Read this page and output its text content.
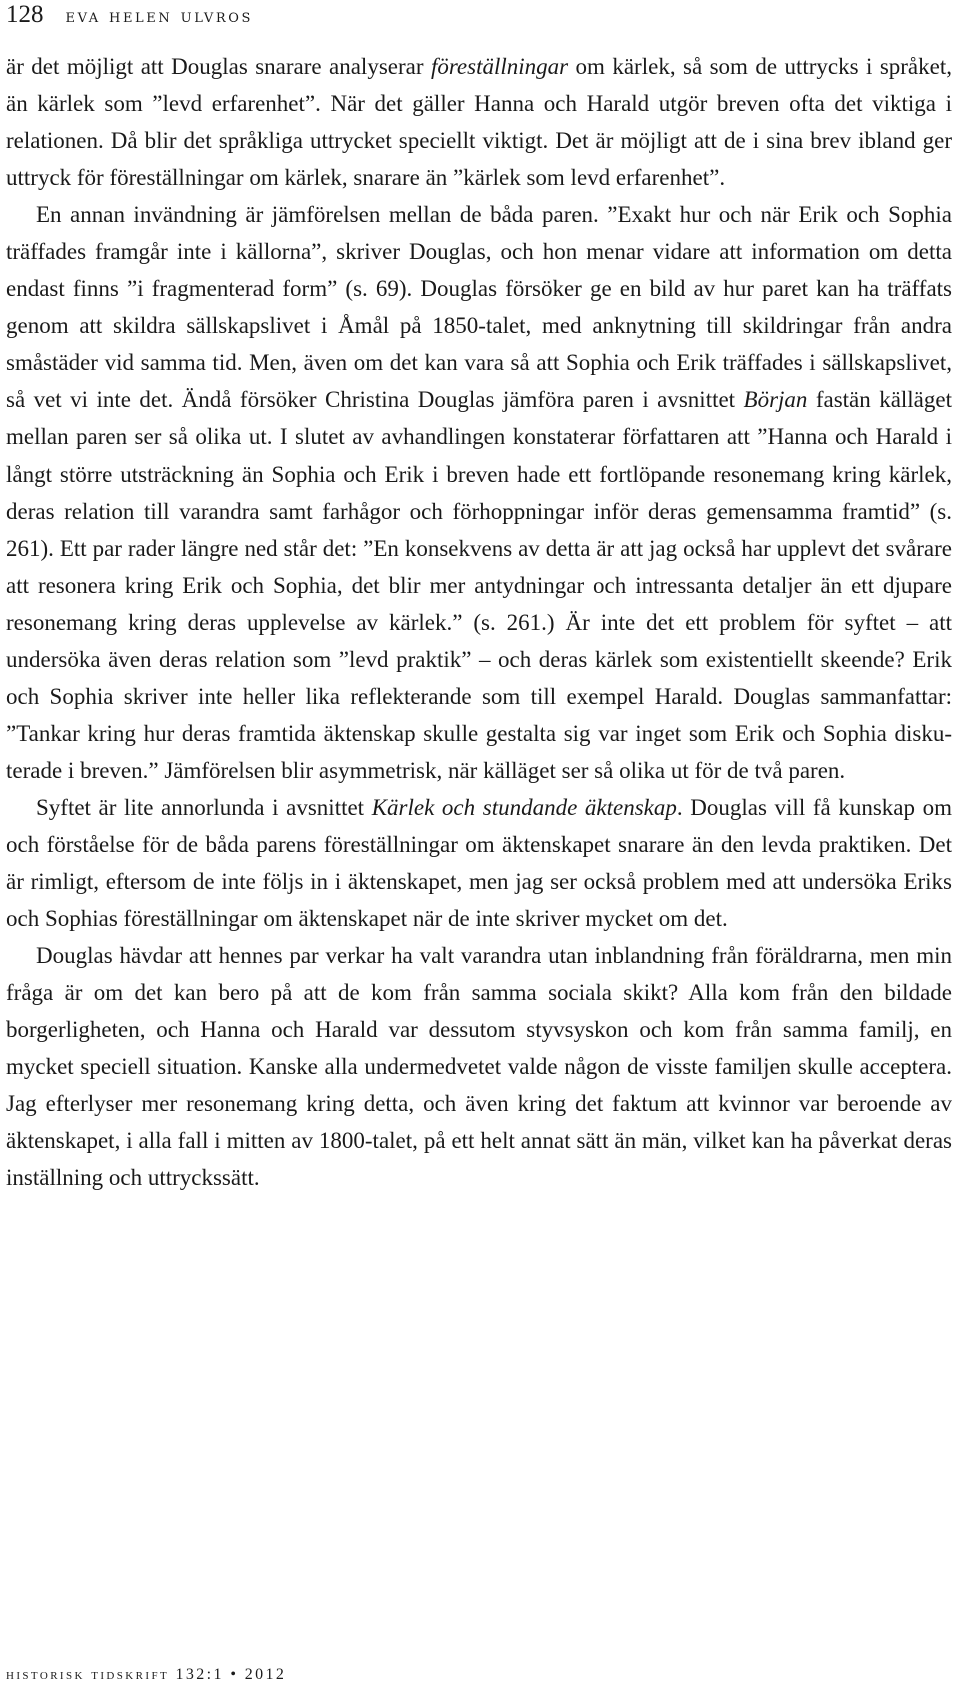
128 eva helen ulvros

är det möjligt att Douglas snarare analyserar föreställningar om kärlek, så som de uttrycks i språket, än kärlek som ”levd erfarenhet”. När det gäller Hanna och Harald utgör breven ofta det viktiga i relationen. Då blir det språkliga uttrycket speciellt viktigt. Det är möjligt att de i sina brev ibland ger uttryck för föreställningar om kärlek, snarare än ”kärlek som levd erfarenhet”.

En annan invändning är jämförelsen mellan de båda paren. ”Exakt hur och när Erik och Sophia träffades framgår inte i källorna”, skriver Douglas, och hon menar vidare att information om detta endast finns ”i fragmenterad form” (s. 69). Douglas försöker ge en bild av hur paret kan ha träffats genom att skildra sällskapslivet i Åmål på 1850-talet, med anknytning till skildringar från andra småstäder vid samma tid. Men, även om det kan vara så att Sophia och Erik träffades i sällskapslivet, så vet vi inte det. Ändå försöker Christina Douglas jämföra paren i avsnittet Början fastän källäget mellan paren ser så olika ut. I slutet av avhandlingen konstaterar författaren att ”Hanna och Harald i långt större utsträckning än Sophia och Erik i breven hade ett fortlöpande resonemang kring kärlek, deras relation till varandra samt farhågor och förhoppningar inför deras gemensamma framtid” (s. 261). Ett par rader längre ned står det: ”En konsekvens av detta är att jag också har upplevt det svårare att resonera kring Erik och Sophia, det blir mer antydningar och intressanta detaljer än ett djupare resonemang kring deras upplevelse av kärlek.” (s. 261.) Är inte det ett problem för syftet – att undersöka även deras relation som ”levd praktik” – och deras kärlek som existentiellt skeende? Erik och Sophia skriver inte heller lika reflekterande som till exempel Harald. Douglas sammanfattar: ”Tankar kring hur deras framtida äktenskap skulle gestalta sig var inget som Erik och Sophia diskuterade i breven.” Jämförelsen blir asymmetrisk, när källäget ser så olika ut för de två paren.

Syftet är lite annorlunda i avsnittet Kärlek och stundande äktenskap. Douglas vill få kunskap om och förståelse för de båda parens föreställningar om äktenskapet snarare än den levda praktiken. Det är rimligt, eftersom de inte följs in i äktenskapet, men jag ser också problem med att undersöka Eriks och Sophias föreställningar om äktenskapet när de inte skriver mycket om det.

Douglas hävdar att hennes par verkar ha valt varandra utan inblandning från föräldrarna, men min fråga är om det kan bero på att de kom från samma sociala skikt? Alla kom från den bildade borgerligheten, och Hanna och Harald var dessutom styvsyskon och kom från samma familj, en mycket speciell situation. Kanske alla undermedvetet valde någon de visste familjen skulle acceptera. Jag efterlyser mer resonemang kring detta, och även kring det faktum att kvinnor var beroende av äktenskapet, i alla fall i mitten av 1800-talet, på ett helt annat sätt än män, vilket kan ha påverkat deras inställning och uttryckssätt.

historisk tidskrift 132:1 • 2012
